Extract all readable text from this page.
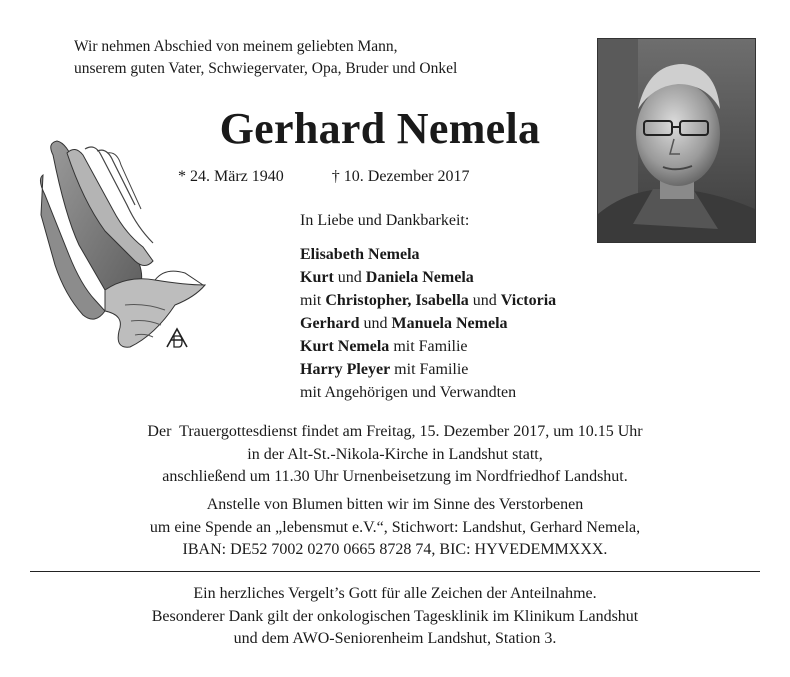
Wir nehmen Abschied von meinem geliebten Mann,
unserem guten Vater, Schwiegervater, Opa, Bruder und Onkel
Gerhard Nemela
* 24. März 1940	† 10. Dezember 2017
In Liebe und Dankbarkeit:
Elisabeth Nemela
Kurt und Daniela Nemela
mit Christopher, Isabella und Victoria
Gerhard und Manuela Nemela
Kurt Nemela mit Familie
Harry Pleyer mit Familie
mit Angehörigen und Verwandten
Der  Trauergottesdienst findet am Freitag, 15. Dezember 2017, um 10.15 Uhr
in der Alt-St.-Nikola-Kirche in Landshut statt,
anschließend um 11.30 Uhr Urnenbeisetzung im Nordfriedhof Landshut.
Anstelle von Blumen bitten wir im Sinne des Verstorbenen
um eine Spende an „lebensmut e.V.“, Stichwort: Landshut, Gerhard Nemela,
IBAN: DE52 7002 0270 0665 8728 74, BIC: HYVEDEMMXXX.
Ein herzliches Vergelt’s Gott für alle Zeichen der Anteilnahme.
Besonderer Dank gilt der onkologischen Tagesklinik im Klinikum Landshut
und dem AWO-Seniorenheim Landshut, Station 3.
